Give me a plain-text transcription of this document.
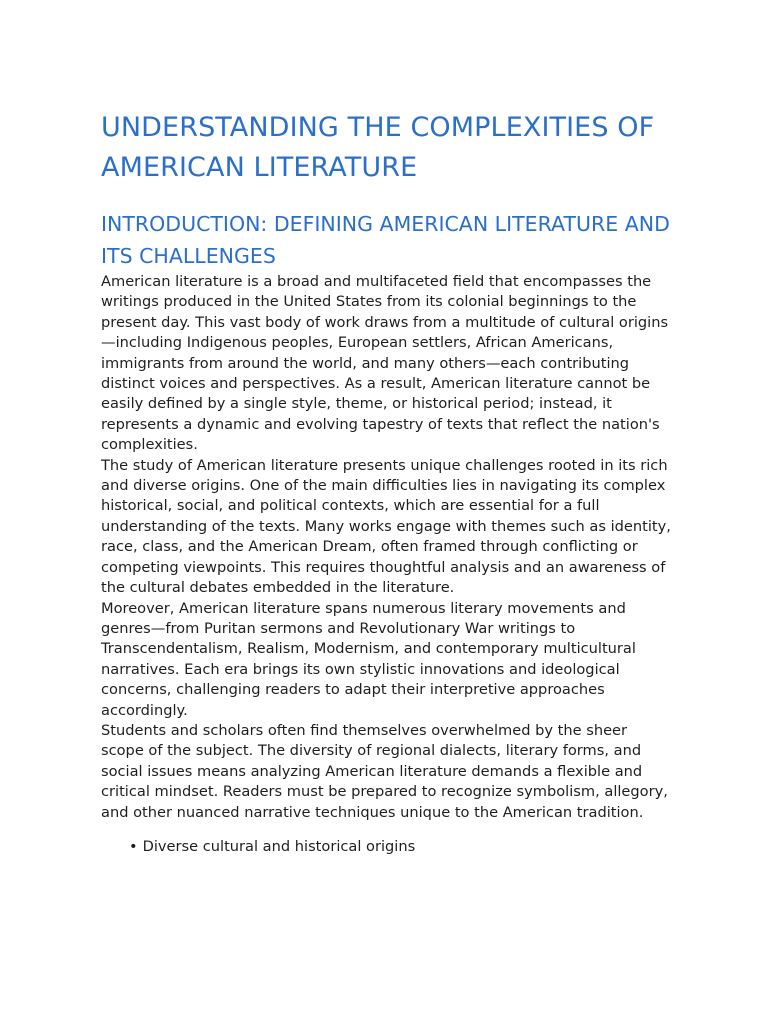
UNDERSTANDING THE COMPLEXITIES OF AMERICAN LITERATURE
INTRODUCTION: DEFINING AMERICAN LITERATURE AND ITS CHALLENGES

American literature is a broad and multifaceted field that encompasses the writings produced in the United States from its colonial beginnings to the present day. This vast body of work draws from a multitude of cultural origins—including Indigenous peoples, European settlers, African Americans, immigrants from around the world, and many others—each contributing distinct voices and perspectives. As a result, American literature cannot be easily defined by a single style, theme, or historical period; instead, it represents a dynamic and evolving tapestry of texts that reflect the nation's complexities.

The study of American literature presents unique challenges rooted in its rich and diverse origins. One of the main difficulties lies in navigating its complex historical, social, and political contexts, which are essential for a full understanding of the texts. Many works engage with themes such as identity, race, class, and the American Dream, often framed through conflicting or competing viewpoints. This requires thoughtful analysis and an awareness of the cultural debates embedded in the literature.

Moreover, American literature spans numerous literary movements and genres—from Puritan sermons and Revolutionary War writings to Transcendentalism, Realism, Modernism, and contemporary multicultural narratives. Each era brings its own stylistic innovations and ideological concerns, challenging readers to adapt their interpretive approaches accordingly.

Students and scholars often find themselves overwhelmed by the sheer scope of the subject. The diversity of regional dialects, literary forms, and social issues means analyzing American literature demands a flexible and critical mindset. Readers must be prepared to recognize symbolism, allegory, and other nuanced narrative techniques unique to the American tradition.

• Diverse cultural and historical origins
